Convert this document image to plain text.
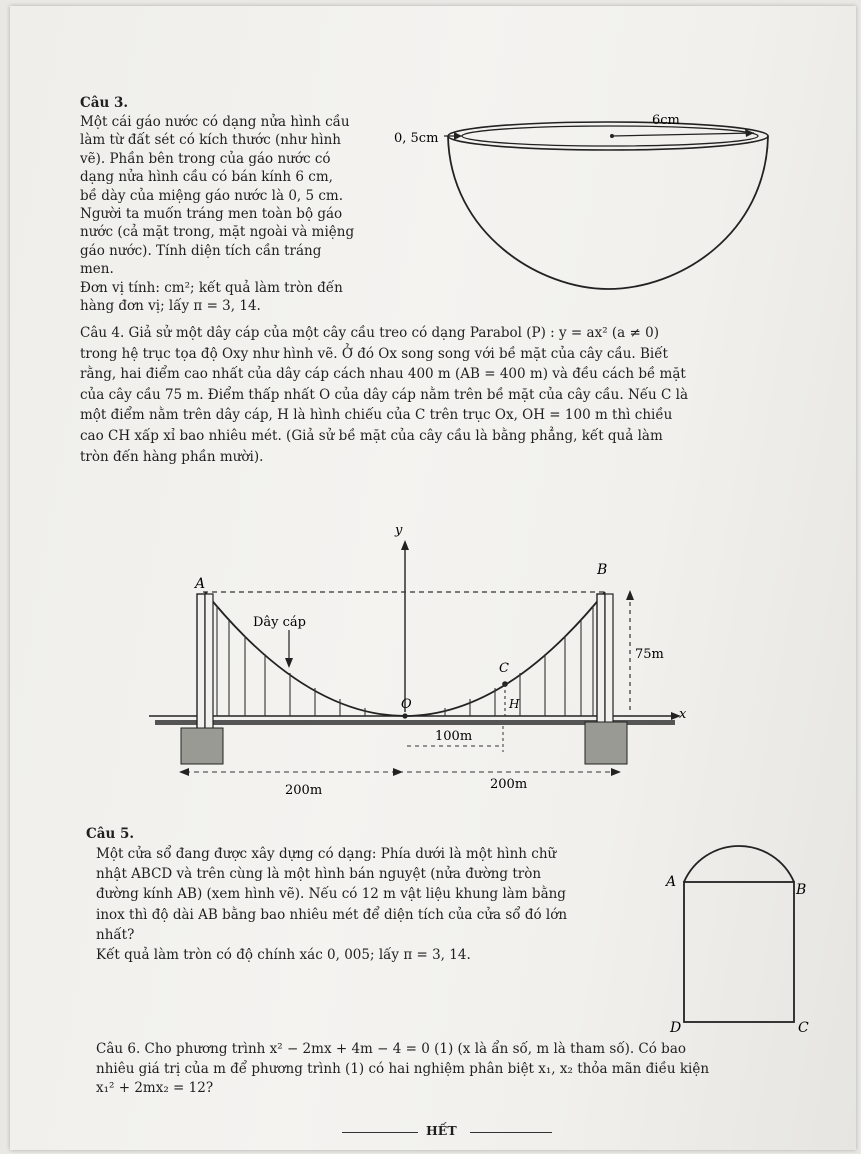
Câu 3.
Một cái gáo nước có dạng nửa hình cầu
làm từ đất sét có kích thước (như hình
vẽ). Phần bên trong của gáo nước có
dạng nửa hình cầu có bán kính 6 cm,
bề dày của miệng gáo nước là 0, 5 cm.
Người ta muốn tráng men toàn bộ gáo
nước (cả mặt trong, mặt ngoài và miệng
gáo nước). Tính diện tích cần tráng
men.
Đơn vị tính: cm²; kết quả làm tròn đến
hàng đơn vị; lấy π = 3, 14.
6cm
0, 5cm
Câu 4. Giả sử một dây cáp của một cây cầu treo có dạng Parabol (P) : y = ax² (a ≠ 0)
trong hệ trục tọa độ Oxy như hình vẽ. Ở đó Ox song song với bề mặt của cây cầu. Biết
rằng, hai điểm cao nhất của dây cáp cách nhau 400 m (AB = 400 m) và đều cách bề mặt
của cây cầu 75 m. Điểm thấp nhất O của dây cáp nằm trên bề mặt của cây cầu. Nếu C là
một điểm nằm trên dây cáp, H là hình chiếu của C trên trục Ox, OH = 100 m thì chiều
cao CH xấp xỉ bao nhiêu mét. (Giả sử bề mặt của cây cầu là bằng phẳng, kết quả làm
tròn đến hàng phần mười).
y
x
A
B
C
O	H
Dây cáp
75m
100m
200m	200m
Câu 5.
Một cửa sổ đang được xây dựng có dạng: Phía dưới là một hình chữ
nhật ABCD và trên cùng là một hình bán nguyệt (nửa đường tròn
đường kính AB) (xem hình vẽ). Nếu có 12 m vật liệu khung làm bằng
inox thì độ dài AB bằng bao nhiêu mét để diện tích của cửa sổ đó lớn
nhất?
Kết quả làm tròn có độ chính xác 0, 005; lấy π = 3, 14.
A	B
D	C
Câu 6. Cho phương trình x² − 2mx + 4m − 4 = 0 (1) (x là ẩn số, m là tham số). Có bao
nhiêu giá trị của m để phương trình (1) có hai nghiệm phân biệt x₁, x₂ thỏa mãn điều kiện
x₁² + 2mx₂ = 12?
HẾT
